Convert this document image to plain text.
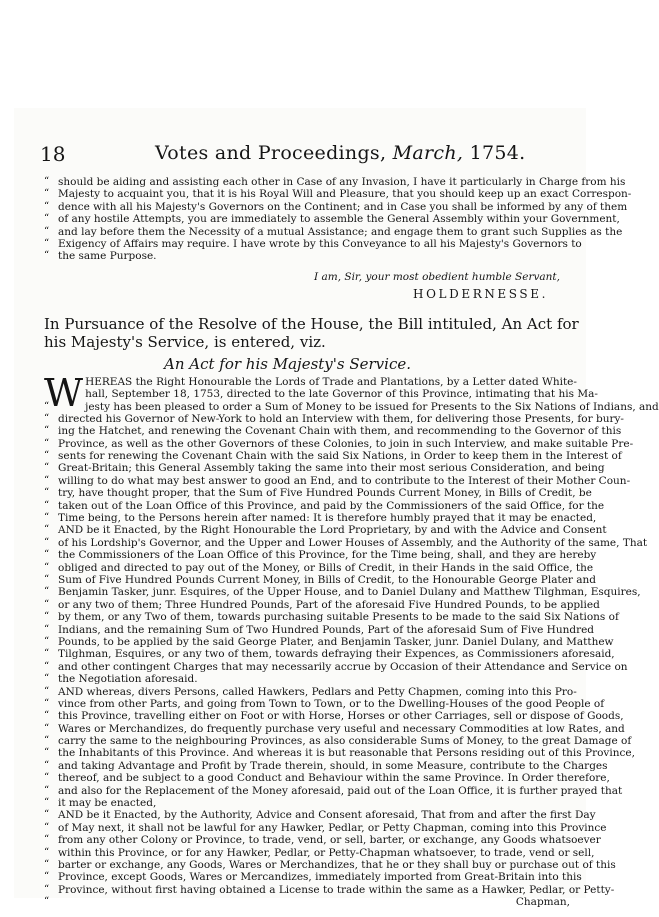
18	Votes and Proceedings, March, 1754.
“ should be aiding and assisting each other in Case of any Invasion, I have it particularly in Charge from his
“ Majesty to acquaint you, that it is his Royal Will and Pleasure, that you should keep up an exact Correspon-
“ dence with all his Majesty's Governors on the Continent; and in Case you shall be informed by any of them
“ of any hostile Attempts, you are immediately to assemble the General Assembly within your Government,
“ and lay before them the Necessity of a mutual Assistance; and engage them to grant such Supplies as the
“ Exigency of Affairs may require. I have wrote by this Conveyance to all his Majesty's Governors to
“ the same Purpose.
I am, Sir, your most obedient humble Servant,
HOLDERNESSE.

In Pursuance of the Resolve of the House, the Bill intituled, An Act for

his Majesty's Service, is entered, viz.

An Act for his Majesty's Service.
W HEREAS the Right Honourable the Lords of Trade and Plantations, by a Letter dated White-
hall, September 18, 1753, directed to the late Governor of this Province, intimating that his Ma-
“ jesty has been pleased to order a Sum of Money to be issued for Presents to the Six Nations of Indians, and
“ directed his Governor of New-York to hold an Interview with them, for delivering those Presents, for bury-
“ ing the Hatchet, and renewing the Covenant Chain with them, and recommending to the Governor of this
“ Province, as well as the other Governors of these Colonies, to join in such Interview, and make suitable Pre-
“ sents for renewing the Covenant Chain with the said Six Nations, in Order to keep them in the Interest of
“ Great-Britain; this General Assembly taking the same into their most serious Consideration, and being
“ willing to do what may best answer to good an End, and to contribute to the Interest of their Mother Coun-
“ try, have thought proper, that the Sum of Five Hundred Pounds Current Money, in Bills of Credit, be
“ taken out of the Loan Office of this Province, and paid by the Commissioners of the said Office, for the
“ Time being, to the Persons herein after named: It is therefore humbly prayed that it may be enacted,
“ AND be it Enacted, by the Right Honourable the Lord Proprietary, by and with the Advice and Consent
“ of his Lordship's Governor, and the Upper and Lower Houses of Assembly, and the Authority of the same, That
“ the Commissioners of the Loan Office of this Province, for the Time being, shall, and they are hereby
“ obliged and directed to pay out of the Money, or Bills of Credit, in their Hands in the said Office, the
“ Sum of Five Hundred Pounds Current Money, in Bills of Credit, to the Honourable George Plater and
“ Benjamin Tasker, junr. Esquires, of the Upper House, and to Daniel Dulany and Matthew Tilghman, Esquires,
“ or any two of them; Three Hundred Pounds, Part of the aforesaid Five Hundred Pounds, to be applied
“ by them, or any Two of them, towards purchasing suitable Presents to be made to the said Six Nations of
“ Indians, and the remaining Sum of Two Hundred Pounds, Part of the aforesaid Sum of Five Hundred
“ Pounds, to be applied by the said George Plater, and Benjamin Tasker, junr. Daniel Dulany, and Matthew
“ Tilghman, Esquires, or any two of them, towards defraying their Expences, as Commissioners aforesaid,
“ and other contingent Charges that may necessarily accrue by Occasion of their Attendance and Service on
“ the Negotiation aforesaid.
“ AND whereas, divers Persons, called Hawkers, Pedlars and Petty Chapmen, coming into this Pro-
“ vince from other Parts, and going from Town to Town, or to the Dwelling-Houses of the good People of
“ this Province, travelling either on Foot or with Horse, Horses or other Carriages, sell or dispose of Goods,
“ Wares or Merchandizes, do frequently purchase very useful and necessary Commodities at low Rates, and
“ carry the same to the neighbouring Provinces, as also considerable Sums of Money, to the great Damage of
“ the Inhabitants of this Province. And whereas it is but reasonable that Persons residing out of this Province,
“ and taking Advantage and Profit by Trade therein, should, in some Measure, contribute to the Charges
“ thereof, and be subject to a good Conduct and Behaviour within the same Province. In Order therefore,
“ and also for the Replacement of the Money aforesaid, paid out of the Loan Office, it is further prayed that
“ it may be enacted,
“ AND be it Enacted, by the Authority, Advice and Consent aforesaid, That from and after the first Day
“ of May next, it shall not be lawful for any Hawker, Pedlar, or Petty Chapman, coming into this Province
“ from any other Colony or Province, to trade, vend, or sell, barter, or exchange, any Goods whatsoever
“ within this Province, or for any Hawker, Pedlar, or Petty-Chapman whatsoever, to trade, vend or sell,
“ barter or exchange, any Goods, Wares or Merchandizes, that he or they shall buy or purchase out of this
“ Province, except Goods, Wares or Mercandizes, immediately imported from Great-Britain into this
“ Province, without first having obtained a License to trade within the same as a Hawker, Pedlar, or Petty-
“ Chapman,
